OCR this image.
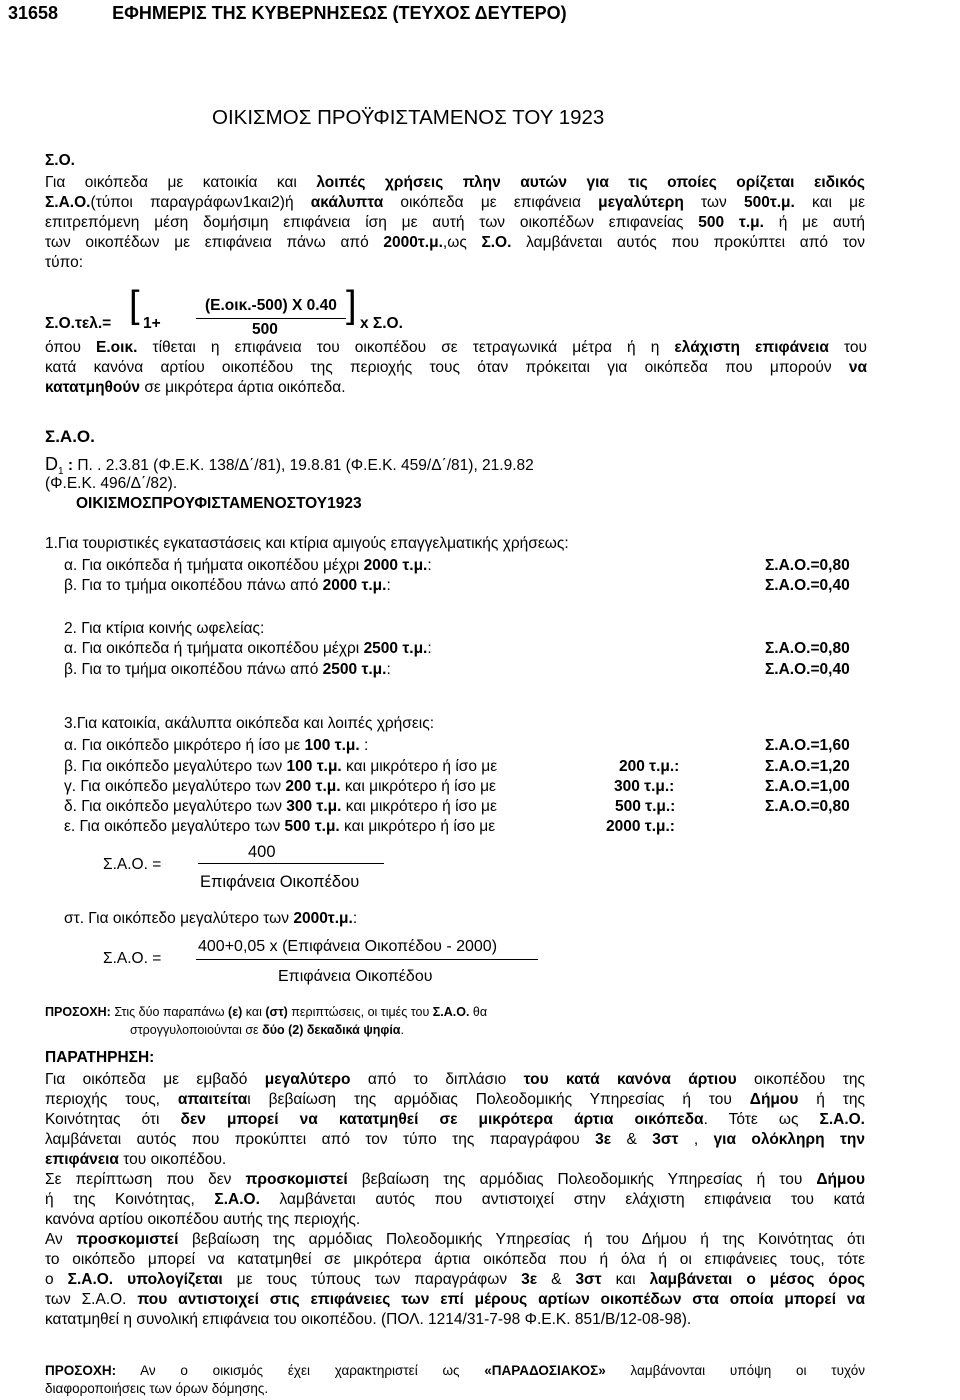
31658	ΕΦΗΜΕΡΙΣ ΤΗΣ ΚΥΒΕΡΝΗΣΕΩΣ (ΤΕΥΧΟΣ ΔΕΥΤΕΡΟ)
ΟΙΚΙΣΜΟΣ ΠΡΟΫΦΙΣΤΑΜΕΝΟΣ ΤΟΥ 1923
Σ.Ο.
Για οικόπεδα με κατοικία και λοιπές χρήσεις πλην αυτών για τις οποίες ορίζεται ειδικός
Σ.Α.Ο.(τύποι παραγράφων1και2)ή ακάλυπτα οικόπεδα με επιφάνεια μεγαλύτερη των 500τ.μ. και με
επιτρεπόμενη μέση δομήσιμη επιφάνεια ίση με αυτή των οικοπέδων επιφανείας 500 τ.μ. ή με αυτή
των οικοπέδων με επιφάνεια πάνω από 2000τ.μ.,ως Σ.Ο. λαμβάνεται αυτός που προκύπτει από τον
τύπο:
Σ.Ο.τελ.= [ 1+
(Ε.οικ.-500) Χ 0.40
500
] x Σ.Ο.
όπου Ε.οικ. τίθεται η επιφάνεια του οικοπέδου σε τετραγωνικά μέτρα ή η ελάχιστη επιφάνεια του
κατά κανόνα αρτίου οικοπέδου της περιοχής τους όταν πρόκειται για οικόπεδα που μπορούν να
κατατμηθούν σε μικρότερα άρτια οικόπεδα.
Σ.Α.Ο.
$D_1$ : Π. . 2.3.81 (Φ.Ε.Κ. 138/Δ΄/81), 19.8.81 (Φ.Ε.Κ. 459/Δ΄/81), 21.9.82
(Φ.Ε.Κ. 496/Δ΄/82).
ΟΙΚΙΣΜΟΣΠΡΟΥΦΙΣΤΑΜΕΝΟΣΤΟΥ1923
1.Για τουριστικές εγκαταστάσεις και κτίρια αμιγούς επαγγελματικής χρήσεως:
α. Για οικόπεδα ή τμήματα οικοπέδου μέχρι 2000 τ.μ.:	Σ.Α.Ο.=0,80
β. Για το τμήμα οικοπέδου πάνω από 2000 τ.μ.:	Σ.Α.Ο.=0,40
2. Για κτίρια κοινής ωφελείας:
α. Για οικόπεδα ή τμήματα οικοπέδου μέχρι 2500 τ.μ.:	Σ.Α.Ο.=0,80
β. Για το τμήμα οικοπέδου πάνω από 2500 τ.μ.:	Σ.Α.Ο.=0,40
3.Για κατοικία, ακάλυπτα οικόπεδα και λοιπές χρήσεις:
α. Για οικόπεδο μικρότερο ή ίσο με 100 τ.μ. :	Σ.Α.Ο.=1,60
β. Για οικόπεδο μεγαλύτερο των 100 τ.μ. και μικρότερο ή ίσο με	200 τ.μ.:	Σ.Α.Ο.=1,20
γ. Για οικόπεδο μεγαλύτερο των 200 τ.μ. και μικρότερο ή ίσο με	300 τ.μ.:	Σ.Α.Ο.=1,00
δ. Για οικόπεδο μεγαλύτερο των 300 τ.μ. και μικρότερο ή ίσο με	500 τ.μ.:	Σ.Α.Ο.=0,80
ε. Για οικόπεδο μεγαλύτερο των 500 τ.μ. και μικρότερο ή ίσο με	2000 τ.μ.:
Σ.Α.Ο. =
400
Επιφάνεια Οικοπέδου
στ. Για οικόπεδο μεγαλύτερο των 2000τ.μ.:
Σ.Α.Ο. =
400+0,05 x (Επιφάνεια Οικοπέδου - 2000)
Επιφάνεια Οικοπέδου
ΠΡΟΣΟΧΗ: Στις δύο παραπάνω (ε) και (στ) περιπτώσεις, οι τιμές του Σ.Α.Ο. θα
στρογγυλοποιούνται σε δύο (2) δεκαδικά ψηφία.
ΠΑΡΑΤΗΡΗΣΗ:
Για οικόπεδα με εμβαδό μεγαλύτερο από το διπλάσιο του κατά κανόνα άρτιου οικοπέδου της
περιοχής τους, απαιτείται βεβαίωση της αρμόδιας Πολεοδομικής Υπηρεσίας ή του Δήμου ή της
Κοινότητας ότι δεν μπορεί να κατατμηθεί σε μικρότερα άρτια οικόπεδα. Τότε ως Σ.Α.Ο.
λαμβάνεται αυτός που προκύπτει από τον τύπο της παραγράφου 3ε & 3στ , για ολόκληρη την
επιφάνεια του οικοπέδου.
Σε περίπτωση που δεν προσκομιστεί βεβαίωση της αρμόδιας Πολεοδομικής Υπηρεσίας ή του Δήμου
ή της Κοινότητας, Σ.Α.Ο. λαμβάνεται αυτός που αντιστοιχεί στην ελάχιστη επιφάνεια του κατά
κανόνα αρτίου οικοπέδου αυτής της περιοχής.
Αν προσκομιστεί βεβαίωση της αρμόδιας Πολεοδομικής Υπηρεσίας ή του Δήμου ή της Κοινότητας ότι
το οικόπεδο μπορεί να κατατμηθεί σε μικρότερα άρτια οικόπεδα που ή όλα ή οι επιφάνειες τους, τότε
ο Σ.Α.Ο. υπολογίζεται με τους τύπους των παραγράφων 3ε & 3στ και λαμβάνεται ο μέσος όρος
των Σ.Α.Ο. που αντιστοιχεί στις επιφάνειες των επί μέρους αρτίων οικοπέδων στα οποία μπορεί να
κατατμηθεί η συνολική επιφάνεια του οικοπέδου. (ΠΟΛ. 1214/31-7-98 Φ.Ε.Κ. 851/Β/12-08-98).
ΠΡΟΣΟΧΗ: Αν ο οικισμός έχει χαρακτηριστεί ως «ΠΑΡΑΔΟΣΙΑΚΟΣ» λαμβάνονται υπόψη οι τυχόν
διαφοροποιήσεις των όρων δόμησης.
